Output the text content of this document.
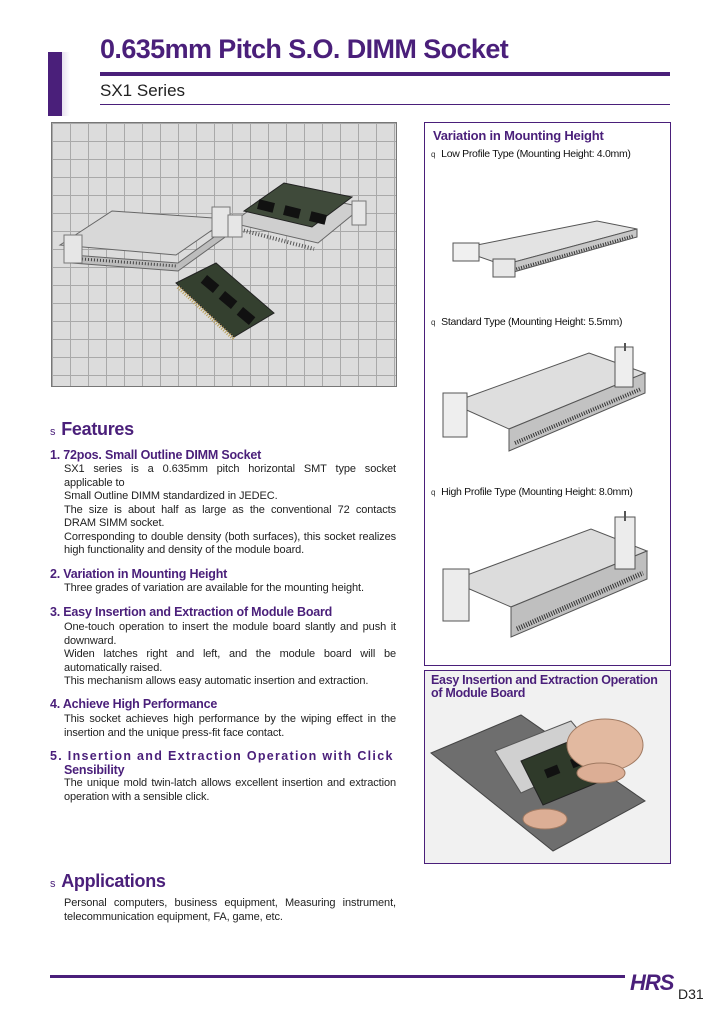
0.635mm Pitch S.O. DIMM Socket
SX1 Series
Variation in Mounting Height
q Low Profile Type (Mounting Height: 4.0mm)
q Standard Type (Mounting Height: 5.5mm)
q High Profile Type (Mounting Height: 8.0mm)
Easy Insertion and Extraction Operation of Module Board
s Features
1. 72pos. Small Outline DIMM Socket
SX1 series is a 0.635mm pitch horizontal SMT type socket
applicable to
Small Outline DIMM standardized in JEDEC.
The size is about half as large as the conventional 72 contacts
DRAM SIMM socket.
Corresponding to double density (both surfaces), this socket realizes
high functionality and density of the module board.
2. Variation in Mounting Height
Three grades of variation are available for the mounting height.
3. Easy Insertion and Extraction of Module Board
One-touch operation to insert the module board slantly and push it
downward.
Widen latches right and left, and the module board will be
automatically raised.
This mechanism allows easy automatic insertion and extraction.
4. Achieve High Performance
This socket achieves high performance by the wiping effect in the
insertion and the unique press-fit face contact.
5. Insertion and Extraction Operation with Click
Sensibility
The unique mold twin-latch allows excellent insertion and extraction
operation with a sensible click.
s Applications
Personal computers, business equipment, Measuring instrument,
telecommunication equipment, FA, game, etc.
HRS D31
